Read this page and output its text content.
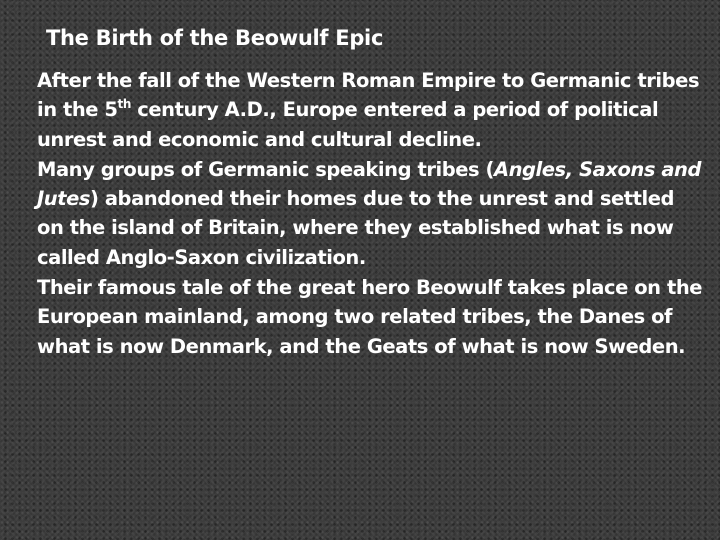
The Birth of the Beowulf Epic

After the fall of the Western Roman Empire to Germanic tribes in the 5th century A.D., Europe entered a period of political unrest and economic and cultural decline.

Many groups of Germanic speaking tribes (Angles, Saxons and Jutes) abandoned their homes due to the unrest and settled on the island of Britain, where they established what is now called Anglo-Saxon civilization.

Their famous tale of the great hero Beowulf takes place on the European mainland, among two related tribes, the Danes of what is now Denmark, and the Geats of what is now Sweden.
